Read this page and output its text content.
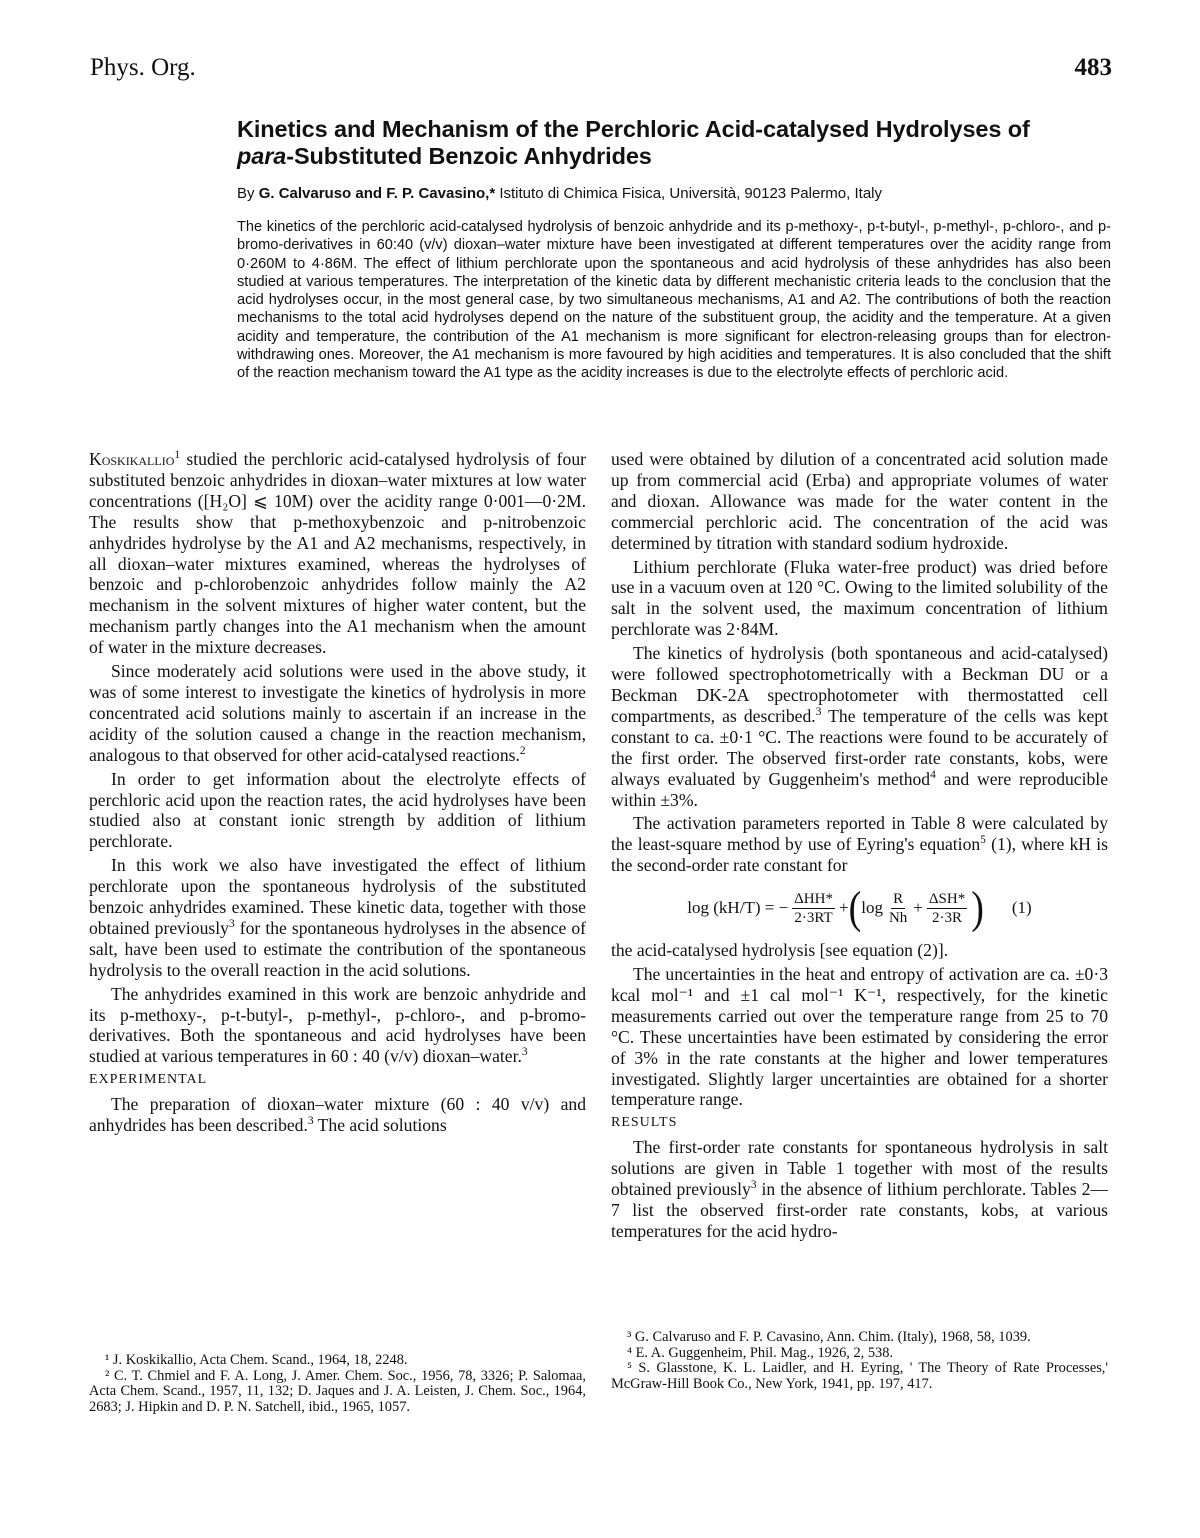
Phys. Org.	483
Kinetics and Mechanism of the Perchloric Acid-catalysed Hydrolyses of
para-Substituted Benzoic Anhydrides
By G. Calvaruso and F. P. Cavasino,* Istituto di Chimica Fisica, Università, 90123 Palermo, Italy
The kinetics of the perchloric acid-catalysed hydrolysis of benzoic anhydride and its p-methoxy-, p-t-butyl-, p-methyl-, p-chloro-, and p-bromo-derivatives in 60:40 (v/v) dioxan–water mixture have been investigated at different temperatures over the acidity range from 0·260M to 4·86M. The effect of lithium perchlorate upon the spontaneous and acid hydrolysis of these anhydrides has also been studied at various temperatures. The interpretation of the kinetic data by different mechanistic criteria leads to the conclusion that the acid hydrolyses occur, in the most general case, by two simultaneous mechanisms, A1 and A2. The contributions of both the reaction mechanisms to the total acid hydrolyses depend on the nature of the substituent group, the acidity and the temperature. At a given acidity and temperature, the contribution of the A1 mechanism is more significant for electron-releasing groups than for electron-withdrawing ones. Moreover, the A1 mechanism is more favoured by high acidities and temperatures. It is also concluded that the shift of the reaction mechanism toward the A1 type as the acidity increases is due to the electrolyte effects of perchloric acid.

Koskikallio$^1$ studied the perchloric acid-catalysed hydrolysis of four substituted benzoic anhydrides in dioxan–water mixtures at low water concentrations ([H₂O] ⩽ 10M) over the acidity range 0·001—0·2M. The results show that p-methoxybenzoic and p-nitrobenzoic anhydrides hydrolyse by the A1 and A2 mechanisms, respectively, in all dioxan–water mixtures examined, whereas the hydrolyses of benzoic and p-chlorobenzoic anhydrides follow mainly the A2 mechanism in the solvent mixtures of higher water content, but the mechanism partly changes into the A1 mechanism when the amount of water in the mixture decreases.

Since moderately acid solutions were used in the above study, it was of some interest to investigate the kinetics of hydrolysis in more concentrated acid solutions mainly to ascertain if an increase in the acidity of the solution caused a change in the reaction mechanism, analogous to that observed for other acid-catalysed reactions.$^2$

In order to get information about the electrolyte effects of perchloric acid upon the reaction rates, the acid hydrolyses have been studied also at constant ionic strength by addition of lithium perchlorate.

In this work we also have investigated the effect of lithium perchlorate upon the spontaneous hydrolysis of the substituted benzoic anhydrides examined. These kinetic data, together with those obtained previously$^3$ for the spontaneous hydrolyses in the absence of salt, have been used to estimate the contribution of the spontaneous hydrolysis to the overall reaction in the acid solutions.

The anhydrides examined in this work are benzoic anhydride and its p-methoxy-, p-t-butyl-, p-methyl-, p-chloro-, and p-bromo-derivatives. Both the spontaneous and acid hydrolyses have been studied at various temperatures in 60 : 40 (v/v) dioxan–water.$^3$

EXPERIMENTAL

The preparation of dioxan–water mixture (60 : 40 v/v) and anhydrides has been described.$^3$ The acid solutions

used were obtained by dilution of a concentrated acid solution made up from commercial acid (Erba) and appropriate volumes of water and dioxan. Allowance was made for the water content in the commercial perchloric acid. The concentration of the acid was determined by titration with standard sodium hydroxide.

Lithium perchlorate (Fluka water-free product) was dried before use in a vacuum oven at 120 °C. Owing to the limited solubility of the salt in the solvent used, the maximum concentration of lithium perchlorate was 2·84M.

The kinetics of hydrolysis (both spontaneous and acid-catalysed) were followed spectrophotometrically with a Beckman DU or a Beckman DK-2A spectrophotometer with thermostatted cell compartments, as described.$^3$ The temperature of the cells was kept constant to ca. ±0·1 °C. The reactions were found to be accurately of the first order. The observed first-order rate constants, kobs, were always evaluated by Guggenheim's method$^4$ and were reproducible within ±3%.

The activation parameters reported in Table 8 were calculated by the least-square method by use of Eyring's equation$^5$ (1), where kH is the second-order rate constant for

log (kH/T) = − $\frac{\text{ΔHH*}}{2\cdot 3RT}$ + ( $\log \frac{R}{Nh} + \frac{\text{ΔSH*}}{2\cdot 3R}$ ) (1)

the acid-catalysed hydrolysis [see equation (2)].

The uncertainties in the heat and entropy of activation are ca. ±0·3 kcal mol⁻¹ and ±1 cal mol⁻¹ K⁻¹, respectively, for the kinetic measurements carried out over the temperature range from 25 to 70 °C. These uncertainties have been estimated by considering the error of 3% in the rate constants at the higher and lower temperatures investigated. Slightly larger uncertainties are obtained for a shorter temperature range.

RESULTS

The first-order rate constants for spontaneous hydrolysis in salt solutions are given in Table 1 together with most of the results obtained previously$^3$ in the absence of lithium perchlorate. Tables 2—7 list the observed first-order rate constants, kobs, at various temperatures for the acid hydro-

¹ J. Koskikallio, Acta Chem. Scand., 1964, 18, 2248.

² C. T. Chmiel and F. A. Long, J. Amer. Chem. Soc., 1956, 78, 3326; P. Salomaa, Acta Chem. Scand., 1957, 11, 132; D. Jaques and J. A. Leisten, J. Chem. Soc., 1964, 2683; J. Hipkin and D. P. N. Satchell, ibid., 1965, 1057.

³ G. Calvaruso and F. P. Cavasino, Ann. Chim. (Italy), 1968, 58, 1039.

⁴ E. A. Guggenheim, Phil. Mag., 1926, 2, 538.

⁵ S. Glasstone, K. L. Laidler, and H. Eyring, ' The Theory of Rate Processes,' McGraw-Hill Book Co., New York, 1941, pp. 197, 417.
